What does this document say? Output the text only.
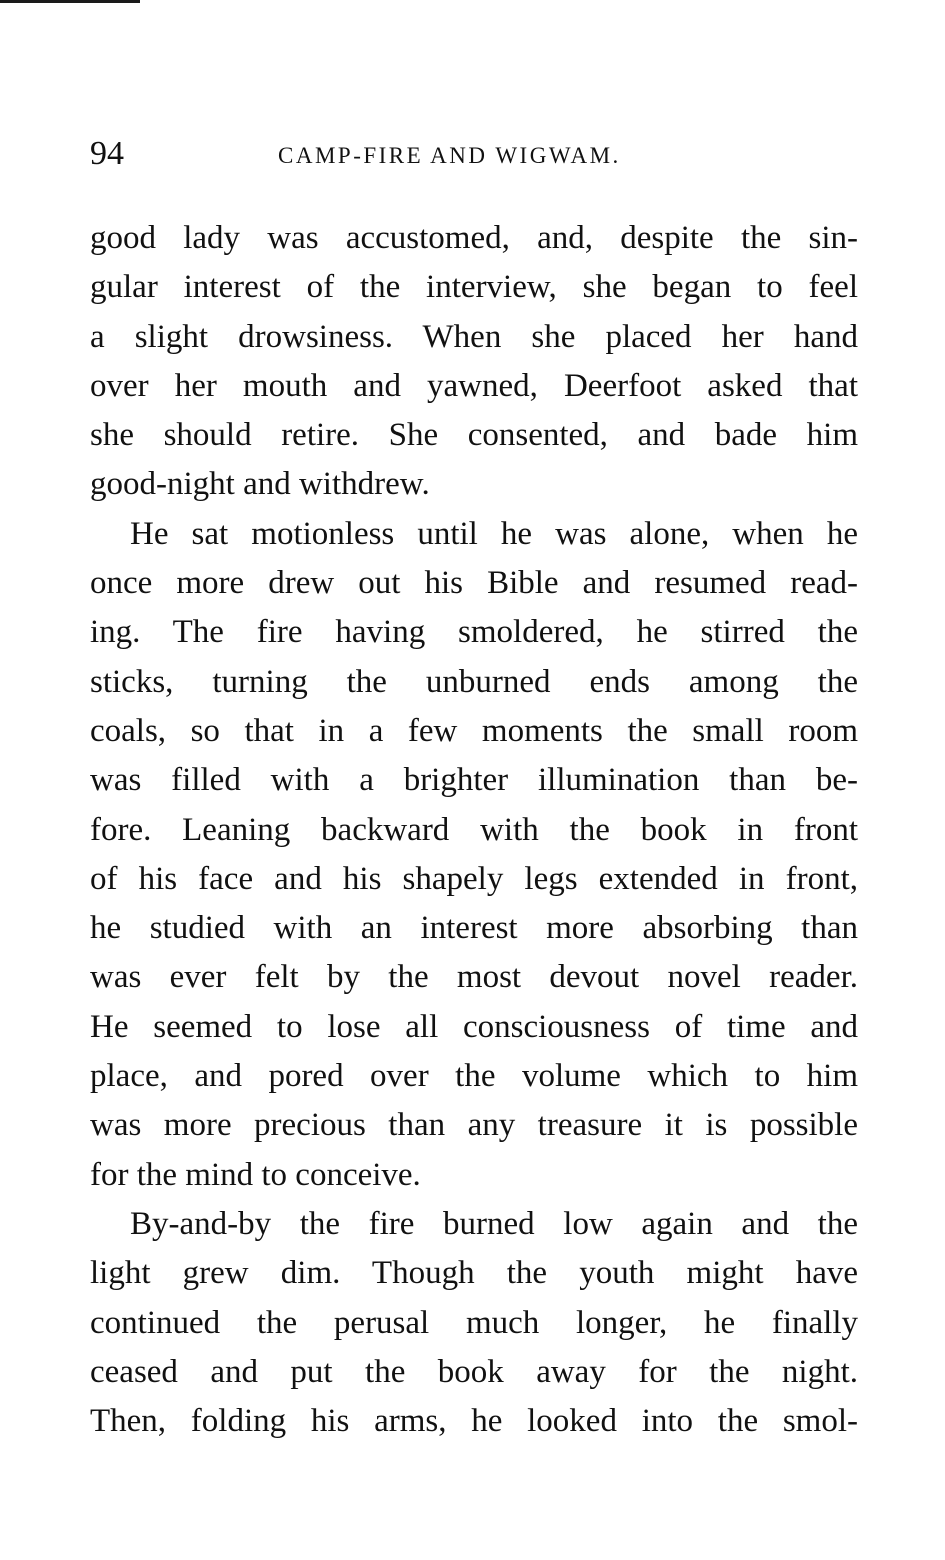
94	CAMP-FIRE AND WIGWAM.
good lady was accustomed, and, despite the sin-
gular interest of the interview, she began to feel
a slight drowsiness. When she placed her hand
over her mouth and yawned, Deerfoot asked that
she should retire. She consented, and bade him
good-night and withdrew.
He sat motionless until he was alone, when he
once more drew out his Bible and resumed read-
ing. The fire having smoldered, he stirred the
sticks, turning the unburned ends among the
coals, so that in a few moments the small room
was filled with a brighter illumination than be-
fore. Leaning backward with the book in front
of his face and his shapely legs extended in front,
he studied with an interest more absorbing than
was ever felt by the most devout novel reader.
He seemed to lose all consciousness of time and
place, and pored over the volume which to him
was more precious than any treasure it is possible
for the mind to conceive.
By-and-by the fire burned low again and the
light grew dim. Though the youth might have
continued the perusal much longer, he finally
ceased and put the book away for the night.
Then, folding his arms, he looked into the smol-
